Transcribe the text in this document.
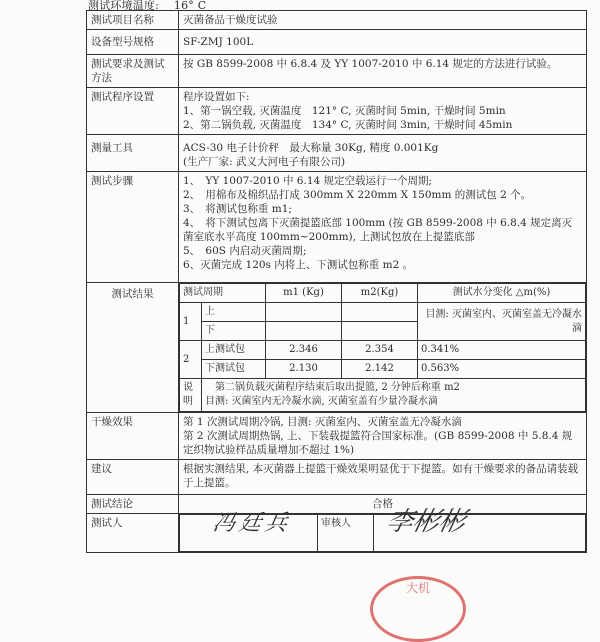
测试环境温度: 16° C
测试项目名称	灭菌备品干燥度试验
设备型号规格	SF-ZMJ 100L
测试要求及测试方法	按 GB 8599-2008 中 6.8.4 及 YY 1007-2010 中 6.14 规定的方法进行试验。
测试程序设置	程序设置如下:
1、第一锅空载, 灭菌温度　121° C, 灭菌时间 5min, 干燥时间 5min
2、第二锅负载, 灭菌温度　134° C, 灭菌时间 3min, 干燥时间 45min

测量工具	ACS-30 电子计价秤　最大称量 30Kg, 精度 0.001Kg
(生产厂家: 武义大河电子有限公司)

测试步骤	1、　YY 1007-2010 中 6.14 规定空载运行一个周期;
2、　用棉布及棉织品打成 300mm X 220mm X 150mm 的测试包 2 个。
3、　将测试包称重 m1;
4、　将下测试包离下灭菌提篮底部 100mm (按 GB 8599-2008 中 6.8.4 规定离灭菌室底水平高度 100mm~200mm), 上测试包放在上提篮底部
5、　60S 内启动灭菌周期;
6、灭菌完成 120s 内将上、下测试包称重 m2 。

测试结果		测试周期	m1 (Kg)	m2(Kg)	测试水分变化 △m(%)
1	上			目测: 灭菌室内、灭菌室盖无冷凝水滴
下		
2	上测试包	2.346	2.354	0.341%
下测试包	2.130	2.142	0.563%
说明	
　第二锅负载灭菌程序结束后取出提篮, 2 分钟后称重 m2
目测: 灭菌室内无冷凝水滴, 灭菌室盖有少量冷凝水滴

干燥效果	第 1 次测试周期冷锅, 目测: 灭菌室内、灭菌室盖无冷凝水滴
第 2 次测试周期热锅, 上、下装载提篮符合国家标准。(GB 8599-2008 中 5.8.4 规定织物试验样品质量增加不超过 1%)

建议	根据实测结果, 本灭菌器上提篮干燥效果明显优于下提篮。如有干燥要求的备品请装载于上提篮。
测试结论	合格
测试人		冯廷兵	审核人	李彬彬
大机
